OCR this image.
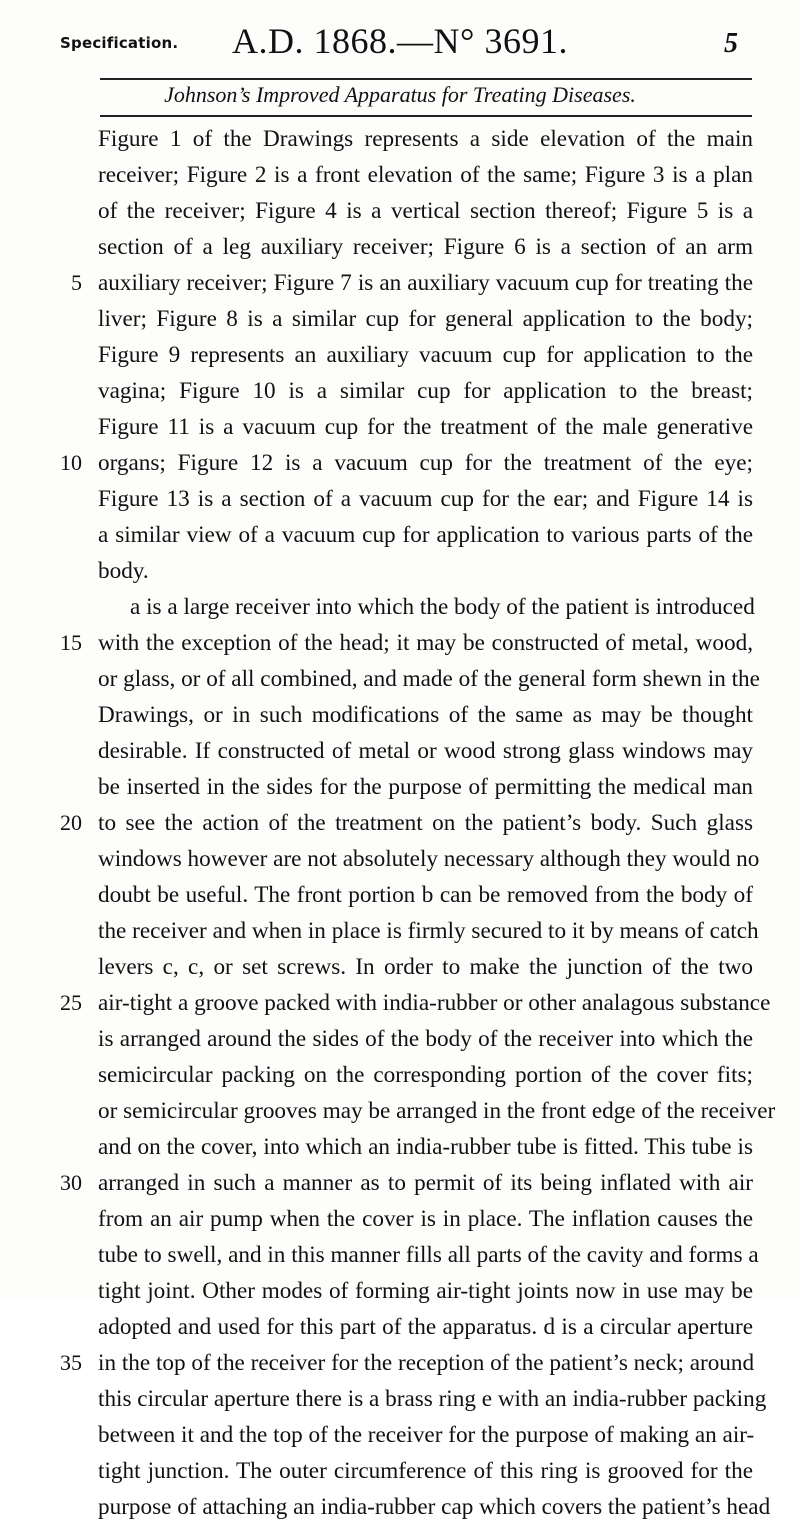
Specification.	A.D. 1868.—N° 3691.	5
Johnson’s Improved Apparatus for Treating Diseases.
Figure 1 of the Drawings represents a side elevation of the main
receiver; Figure 2 is a front elevation of the same; Figure 3 is a plan
of the receiver; Figure 4 is a vertical section thereof; Figure 5 is a
section of a leg auxiliary receiver; Figure 6 is a section of an arm
5 auxiliary receiver; Figure 7 is an auxiliary vacuum cup for treating the
liver; Figure 8 is a similar cup for general application to the body;
Figure 9 represents an auxiliary vacuum cup for application to the
vagina; Figure 10 is a similar cup for application to the breast;
Figure 11 is a vacuum cup for the treatment of the male generative
10 organs; Figure 12 is a vacuum cup for the treatment of the eye;
Figure 13 is a section of a vacuum cup for the ear; and Figure 14 is
a similar view of a vacuum cup for application to various parts of the
body.
a is a large receiver into which the body of the patient is introduced
15 with the exception of the head; it may be constructed of metal, wood,
or glass, or of all combined, and made of the general form shewn in the
Drawings, or in such modifications of the same as may be thought
desirable. If constructed of metal or wood strong glass windows may
be inserted in the sides for the purpose of permitting the medical man
20 to see the action of the treatment on the patient’s body. Such glass
windows however are not absolutely necessary although they would no
doubt be useful. The front portion b can be removed from the body of
the receiver and when in place is firmly secured to it by means of catch
levers c, c, or set screws. In order to make the junction of the two
25 air-tight a groove packed with india-rubber or other analagous substance
is arranged around the sides of the body of the receiver into which the
semicircular packing on the corresponding portion of the cover fits;
or semicircular grooves may be arranged in the front edge of the receiver
and on the cover, into which an india-rubber tube is fitted. This tube is
30 arranged in such a manner as to permit of its being inflated with air
from an air pump when the cover is in place. The inflation causes the
tube to swell, and in this manner fills all parts of the cavity and forms a
tight joint. Other modes of forming air-tight joints now in use may be
adopted and used for this part of the apparatus. d is a circular aperture
35 in the top of the receiver for the reception of the patient’s neck; around
this circular aperture there is a brass ring e with an india-rubber packing
between it and the top of the receiver for the purpose of making an air-
tight junction. The outer circumference of this ring is grooved for the
purpose of attaching an india-rubber cap which covers the patient’s head
